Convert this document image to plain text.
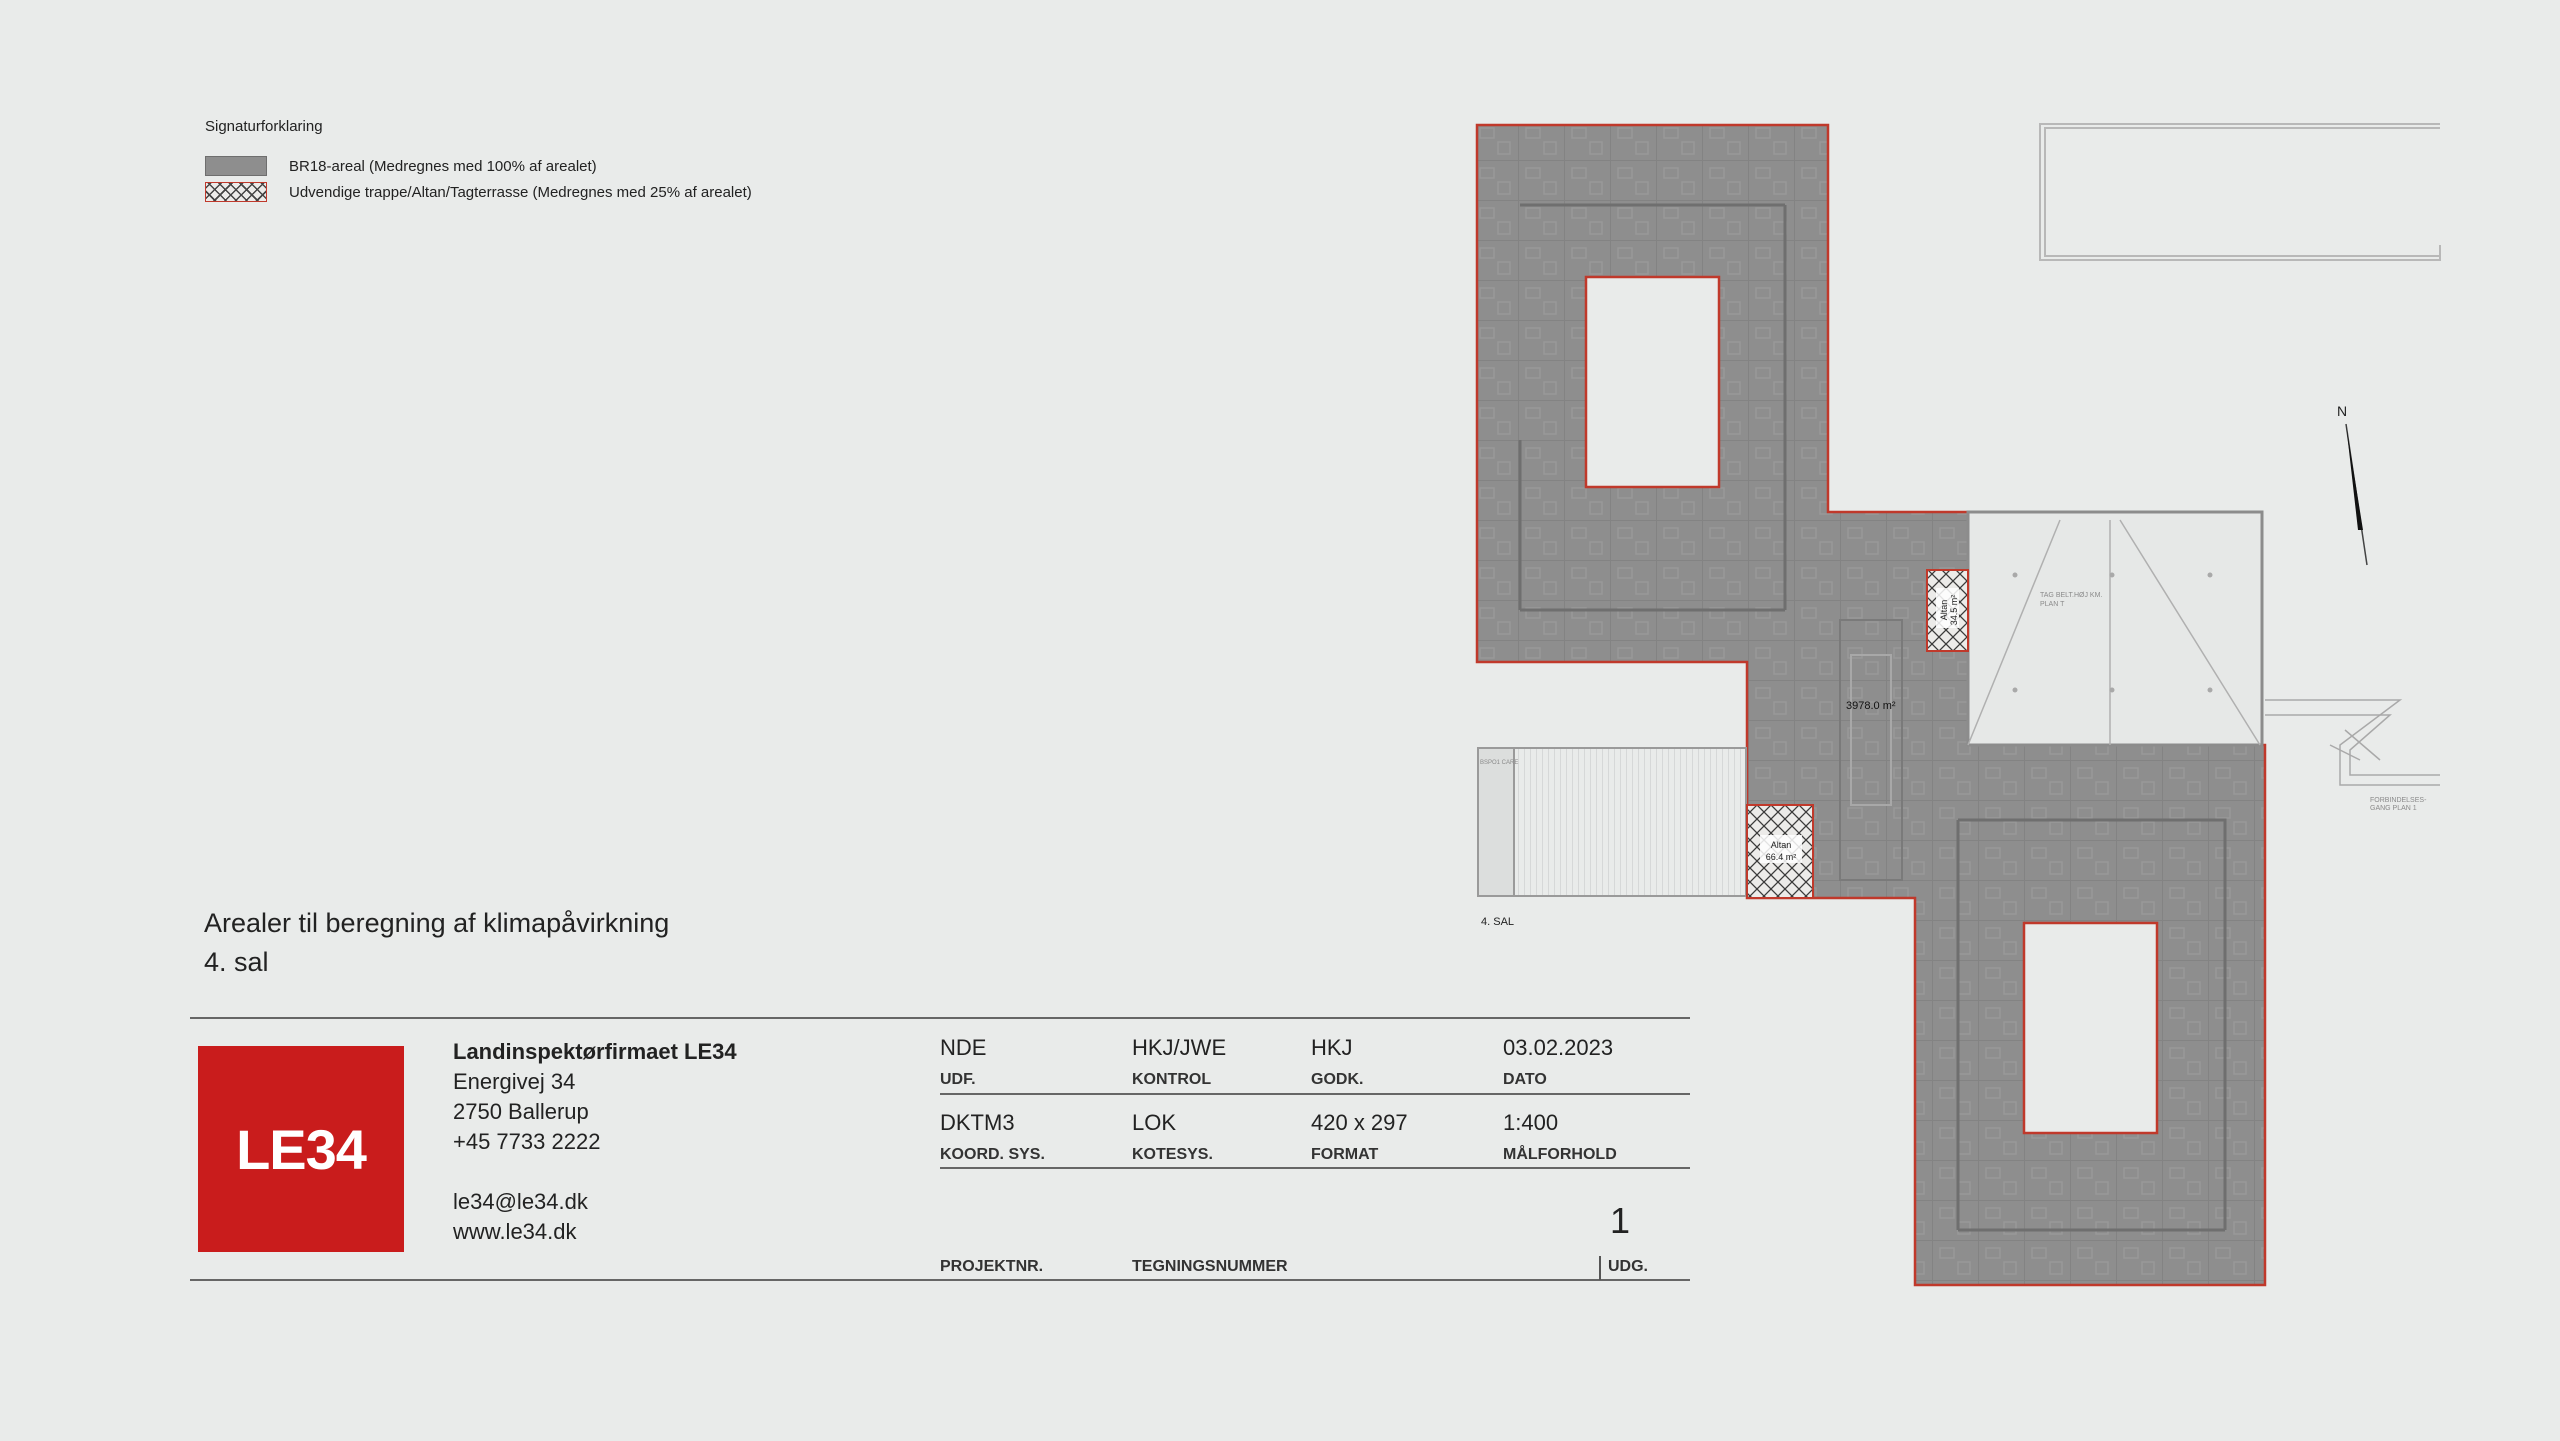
Signaturforklaring
BR18-areal (Medregnes med 100% af arealet)
Udvendige trappe/Altan/Tagterrasse (Medregnes med 25% af arealet)
Arealer til beregning af klimapåvirkning
4. sal
LE34
Landinspektørfirmaet LE34
Energivej 34
2750 Ballerup
+45 7733 2222
le34@le34.dk
www.le34.dk
NDE
UDF.
HKJ/JWE
KONTROL
HKJ
GODK.
03.02.2023
DATO
DKTM3
KOORD. SYS.
LOK
KOTESYS.
420 x 297
FORMAT
1:400
MÅLFORHOLD
PROJEKTNR.	TEGNINGSNUMMER
1
UDG.
TAG BELT.HØJ KM.
PLAN T
BSPO1 CARE
FORBINDELSES-
GANG PLAN 1
Altan 34.5 m²
Altan
66.4 m²
3978.0 m²
4. SAL
N
